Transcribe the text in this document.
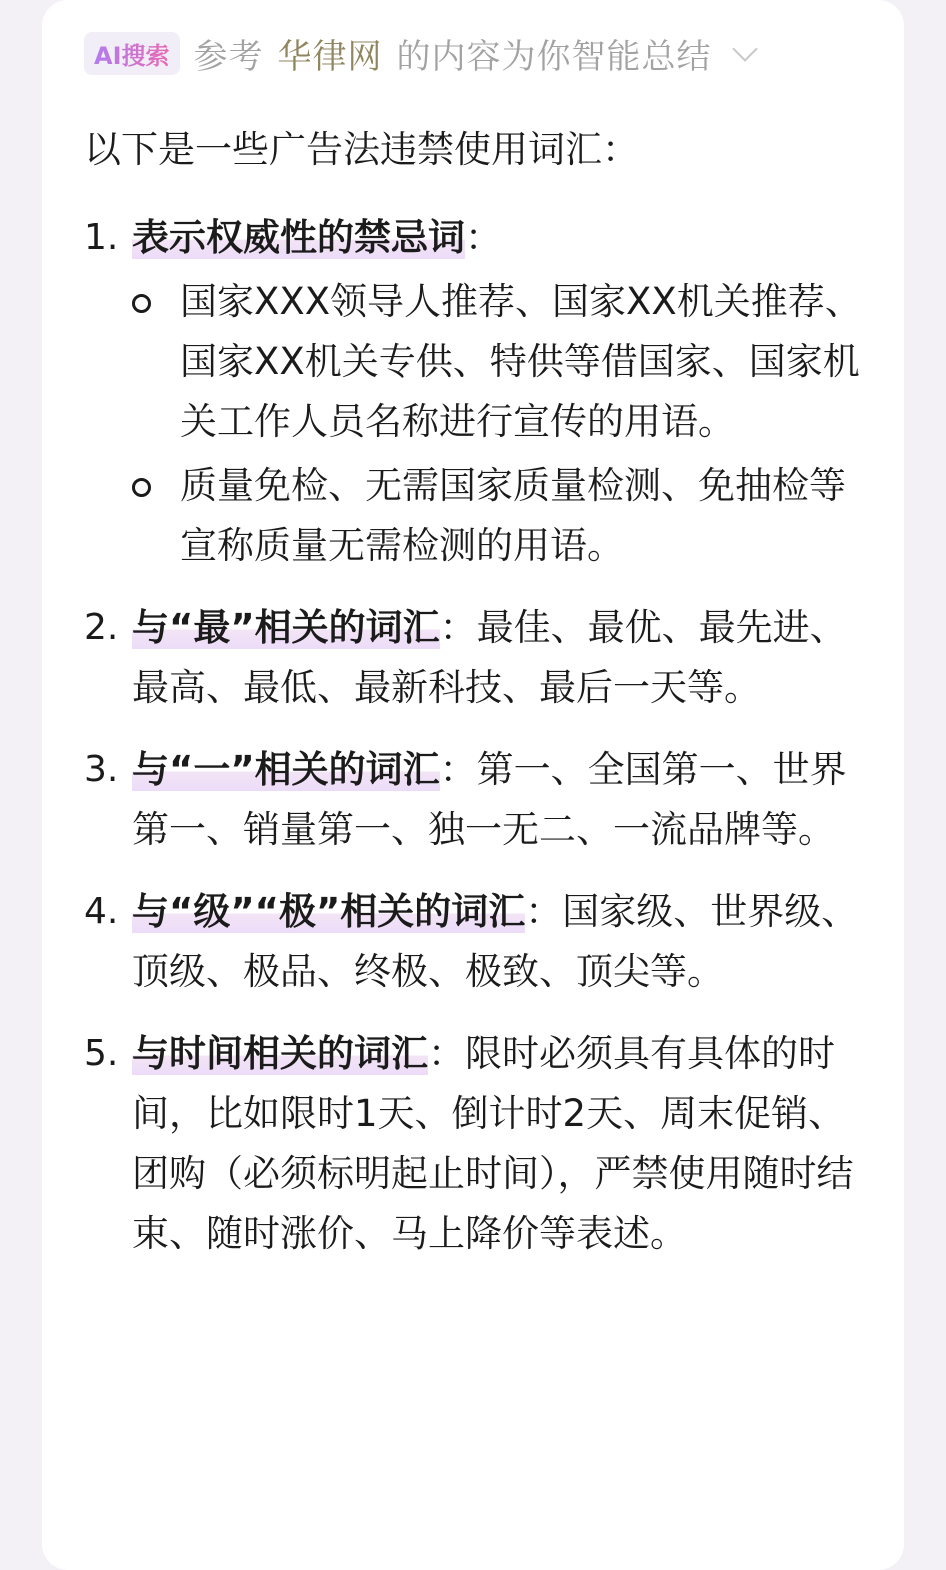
AI搜索 参考 华律网 的内容为你智能总结
以下是一些广告法违禁使用词汇：
1. 表示权威性的禁忌词：
国家XXX领导人推荐、国家XX机关推荐、国家XX机关专供、特供等借国家、国家机关工作人员名称进行宣传的用语。
质量免检、无需国家质量检测、免抽检等宣称质量无需检测的用语。
2. 与“最”相关的词汇：最佳、最优、最先进、最高、最低、最新科技、最后一天等。
3. 与“一”相关的词汇：第一、全国第一、世界第一、销量第一、独一无二、一流品牌等。
4. 与“级”“极”相关的词汇：国家级、世界级、顶级、极品、终极、极致、顶尖等。
5. 与时间相关的词汇：限时必须具有具体的时间，比如限时1天、倒计时2天、周末促销、团购（必须标明起止时间），严禁使用随时结束、随时涨价、马上降价等表述。
